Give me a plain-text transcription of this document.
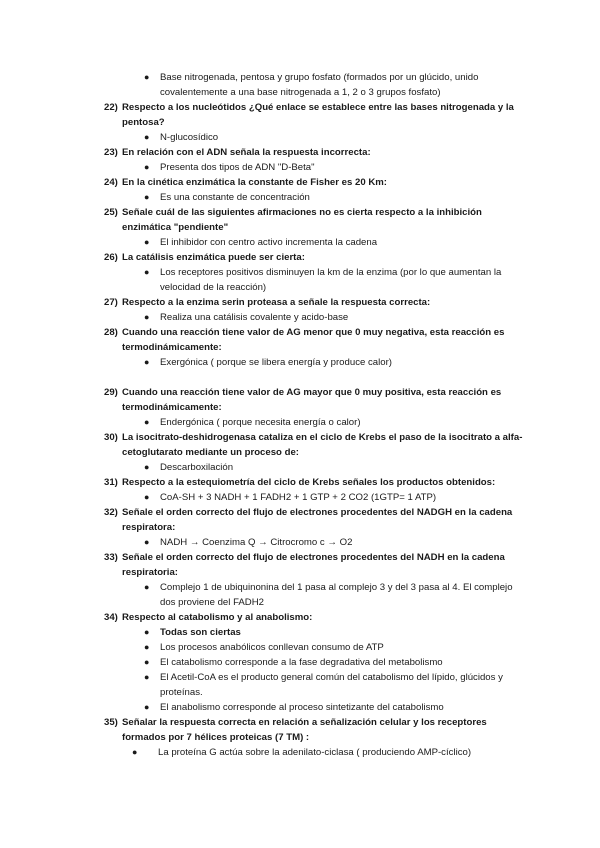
● Base nitrogenada, pentosa y grupo fosfato (formados por un glúcido, unido covalentemente a una base nitrogenada a 1, 2 o 3 grupos fosfato)
22) Respecto a los nucleótidos ¿Qué enlace se establece entre las bases nitrogenada y la pentosa?
● N-glucosídico
23) En relación con el ADN señala la respuesta incorrecta:
● Presenta dos tipos de ADN "D-Beta"
24) En la cinética enzimática la constante de Fisher es 20 Km:
● Es una constante de concentración
25) Señale cuál de las siguientes afirmaciones no es cierta respecto a la inhibición enzimática "pendiente"
● El inhibidor con centro activo incrementa la cadena
26) La catálisis enzimática puede ser cierta:
● Los receptores positivos disminuyen la km de la enzima (por lo que aumentan la velocidad de la reacción)
27) Respecto a la enzima serin proteasa a señale la respuesta correcta:
● Realiza una catálisis covalente y acido-base
28) Cuando una reacción tiene valor de AG menor que 0 muy negativa, esta reacción es termodinámicamente:
● Exergónica ( porque se libera energía y produce calor)
29) Cuando una reacción tiene valor de AG mayor que 0 muy positiva, esta reacción es termodinámicamente:
● Endergónica ( porque necesita energía o calor)
30) La isocitrato-deshidrogenasa cataliza en el ciclo de Krebs el paso de la isocitrato a alfa-cetoglutarato mediante un proceso de:
● Descarboxilación
31) Respecto a la estequiometría del ciclo de Krebs señales los productos obtenidos:
● CoA-SH + 3 NADH + 1 FADH2 + 1 GTP + 2 CO2 (1GTP= 1 ATP)
32) Señale el orden correcto del flujo de electrones procedentes del NADGH en la cadena respiratora:
● NADH → Coenzima Q → Citrocromo c → O2
33) Señale el orden correcto del flujo de electrones procedentes del NADH en la cadena respiratoria:
● Complejo 1 de ubiquinonina del 1 pasa al complejo 3 y del 3 pasa al 4. El complejo dos proviene del FADH2
34) Respecto al catabolismo y al anabolismo:
● Todas son ciertas
● Los procesos anabólicos conllevan consumo de ATP
● El catabolismo corresponde a la fase degradativa del metabolismo
● El Acetil-CoA es el producto general común del catabolismo del lípido, glúcidos y proteínas.
● El anabolismo corresponde al proceso sintetizante del catabolismo
35) Señalar la respuesta correcta en relación a señalización celular y los receptores formados por 7 hélices proteicas (7 TM) :
● La proteína G actúa sobre la adenilato-ciclasa ( produciendo AMP-cíclico)
